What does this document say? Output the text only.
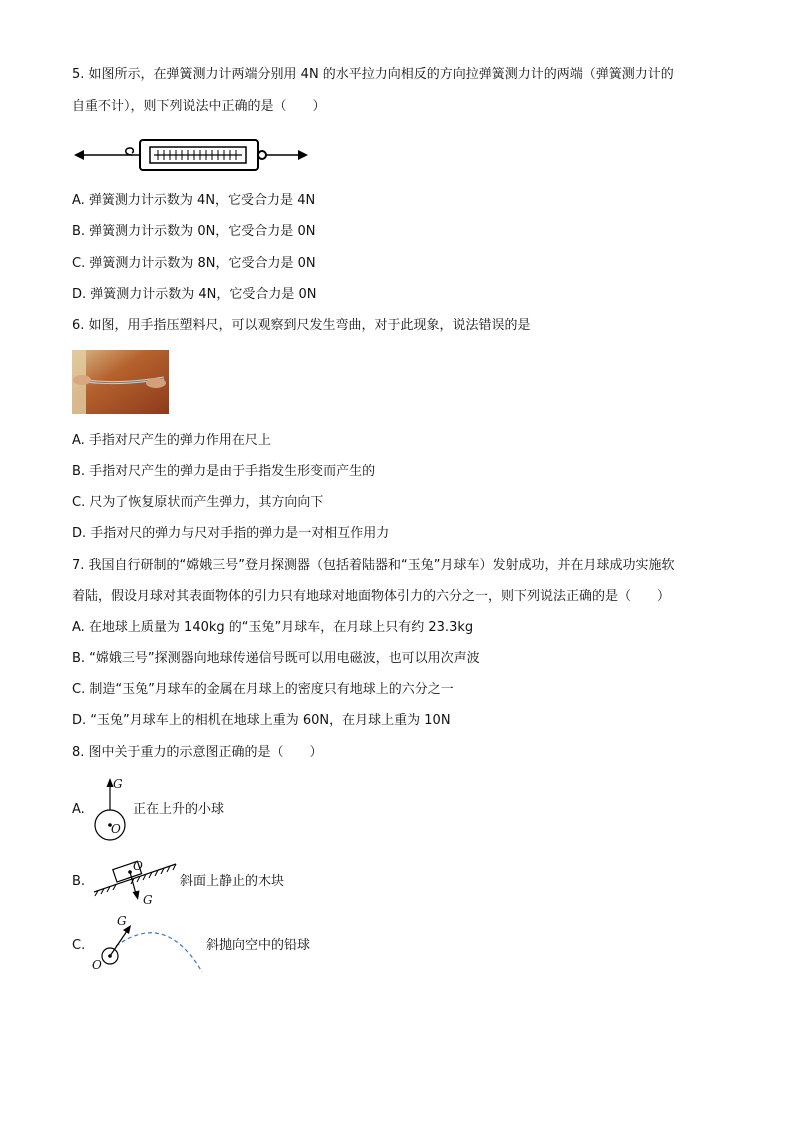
5. 如图所示，在弹簧测力计两端分别用 4N 的水平拉力向相反的方向拉弹簧测力计的两端（弹簧测力计的
自重不计），则下列说法中正确的是（　　）
A. 弹簧测力计示数为 4N，它受合力是 4N
B. 弹簧测力计示数为 0N，它受合力是 0N
C. 弹簧测力计示数为 8N，它受合力是 0N
D. 弹簧测力计示数为 4N，它受合力是 0N
6. 如图，用手指压塑料尺，可以观察到尺发生弯曲，对于此现象，说法错误的是
A. 手指对尺产生的弹力作用在尺上
B. 手指对尺产生的弹力是由于手指发生形变而产生的
C. 尺为了恢复原状而产生弹力，其方向向下
D. 手指对尺的弹力与尺对手指的弹力是一对相互作用力
7. 我国自行研制的“嫦娥三号”登月探测器（包括着陆器和“玉兔”月球车）发射成功，并在月球成功实施软
着陆，假设月球对其表面物体的引力只有地球对地面物体引力的六分之一，则下列说法正确的是（　　）
A. 在地球上质量为 140kg 的“玉兔”月球车，在月球上只有约 23.3kg
B. “嫦娥三号”探测器向地球传递信号既可以用电磁波，也可以用次声波
C. 制造“玉兔”月球车的金属在月球上的密度只有地球上的六分之一
D. “玉兔”月球车上的相机在地球上重为 60N，在月球上重为 10N
8. 图中关于重力的示意图正确的是（　　）
A.
G
O
正在上升的小球
B.
O
G
斜面上静止的木块
C.
G
O
斜抛向空中的铅球
